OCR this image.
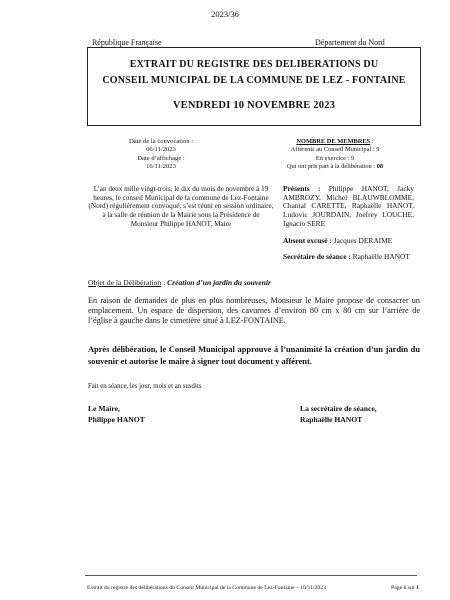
2023/36
République Française	Département du Nord
EXTRAIT DU REGISTRE DES DELIBERATIONS DU
CONSEIL MUNICIPAL DE LA COMMUNE DE LEZ - FONTAINE
VENDREDI 10 NOVEMBRE 2023
Date de la convocation :
06/11/2023
Date d’affichage :
16/11/2023
NOMBRE DE MEMBRES :
Afférents au Conseil Municipal : 9
En exercice : 9
Qui ont pris part à la délibération : 08
L’an deux mille vingt-trois, le dix du mois de novembre à 19 heures, le conseil Municipal de la commune de Lez-Fontaine (Nord) régulièrement convoqué, s’est réuni en session ordinaire, à la salle de réunion de la Mairie sous la Présidence de Monsieur Philippe HANOT, Maire

Présents : Philippe HANOT, Jacky AMBROZY, Michel BLAUWBLOMME, Chantal CARETTE, Raphaëlle HANOT, Ludovic JOURDAIN, Joefrey LOUCHE, Ignacio SERE

Absent excusé : Jacques DERAIME

Secrétaire de séance : Raphaëlle HANOT

Objet de la Délibération : Création d’un jardin du souvenir
En raison de demandes de plus en plus nombreuses, Monsieur le Maire propose de consacrer un emplacement. Un espace de dispersion, des cavurnes d’environ 80 cm x 80 cm sur l’arrière de l’église à gauche dans le cimetière situé à LEZ-FONTAINE.
Après délibération, le Conseil Municipal approuve à l’unanimité la création d’un jardin du souvenir et autorise le maire à signer tout document y afférent.
Fait en séance, les jour, mois et an susdits
Le Maire,
Philippe HANOT
La secrétaire de séance,
Raphaëlle HANOT
Extrait du registre des délibérations du Conseil Municipal de la Commune de Lez-Fontaine – 10/11/2023	Page 1 sur 1
